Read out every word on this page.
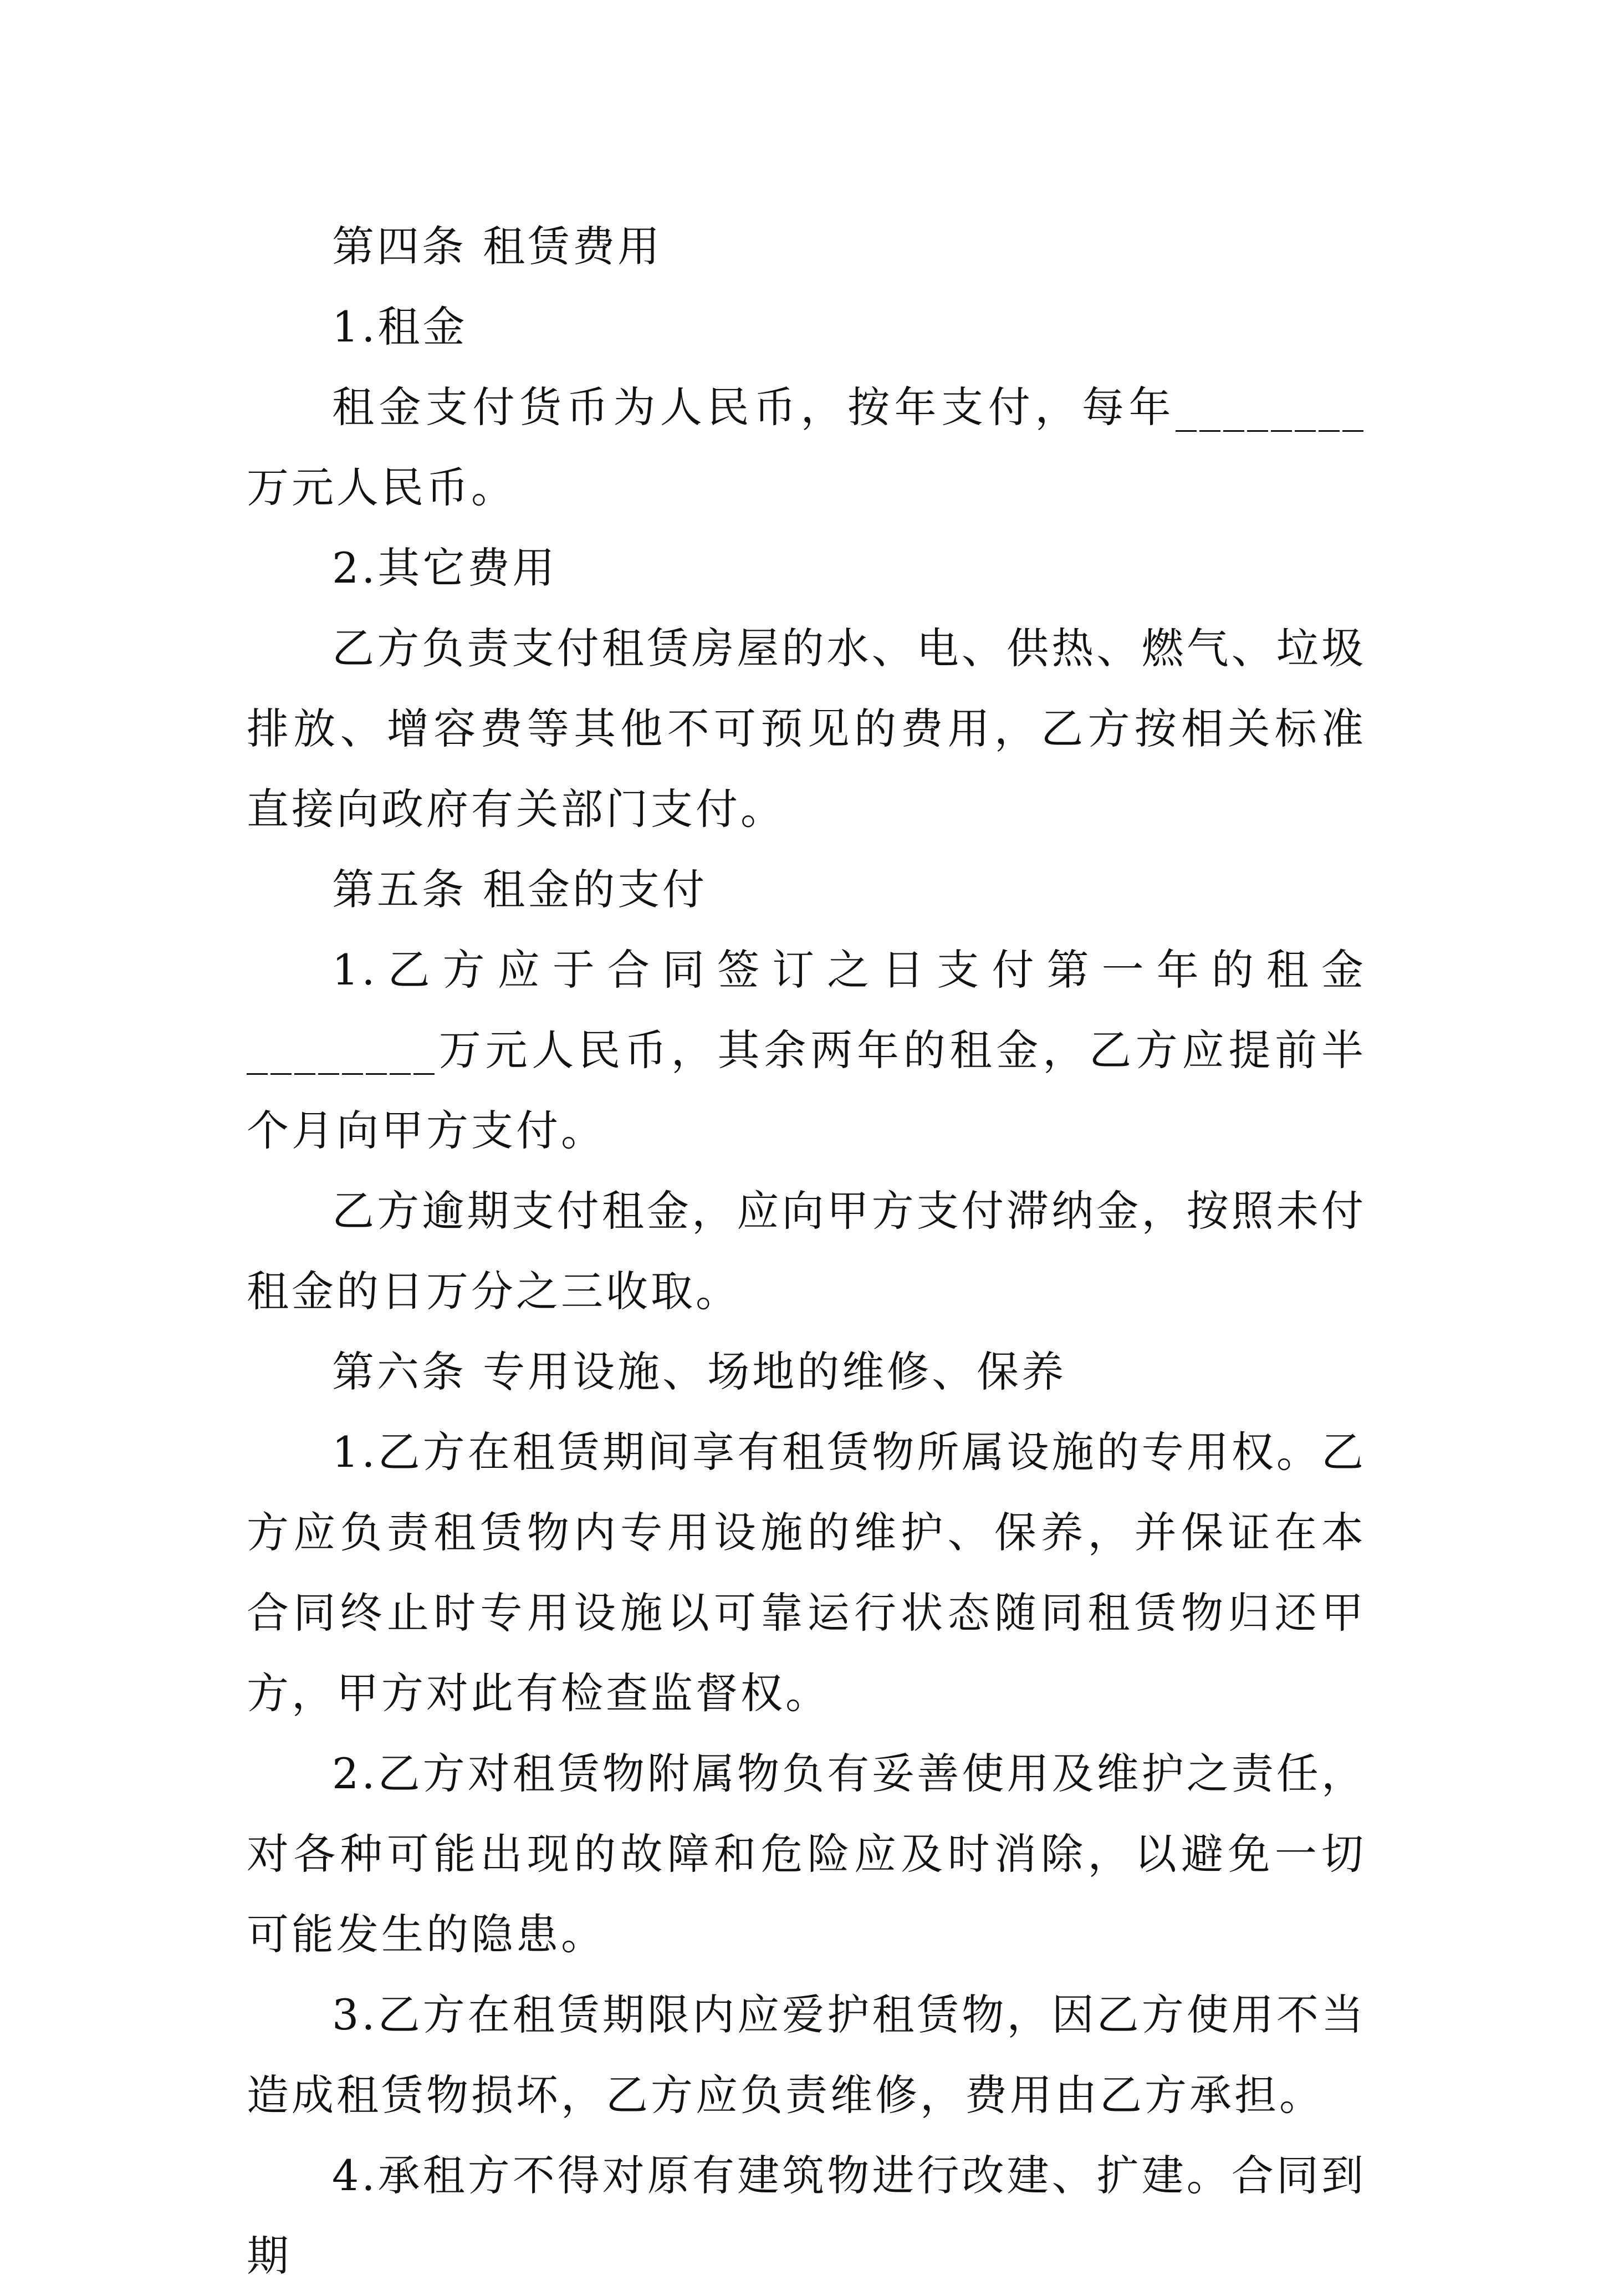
第四条 租赁费用

1.租金

租金支付货币为人民币，按年支付，每年________万元人民币。

2.其它费用

乙方负责支付租赁房屋的水、电、供热、燃气、垃圾排放、增容费等其他不可预见的费用，乙方按相关标准直接向政府有关部门支付。

第五条 租金的支付

1.乙方应于合同签订之日支付第一年的租金________万元人民币，其余两年的租金，乙方应提前半个月向甲方支付。

乙方逾期支付租金，应向甲方支付滞纳金，按照未付租金的日万分之三收取。

第六条 专用设施、场地的维修、保养

1.乙方在租赁期间享有租赁物所属设施的专用权。乙方应负责租赁物内专用设施的维护、保养，并保证在本合同终止时专用设施以可靠运行状态随同租赁物归还甲方，甲方对此有检查监督权。

2.乙方对租赁物附属物负有妥善使用及维护之责任，对各种可能出现的故障和危险应及时消除，以避免一切可能发生的隐患。

3.乙方在租赁期限内应爱护租赁物，因乙方使用不当造成租赁物损坏，乙方应负责维修，费用由乙方承担。

4.承租方不得对原有建筑物进行改建、扩建。合同到期
